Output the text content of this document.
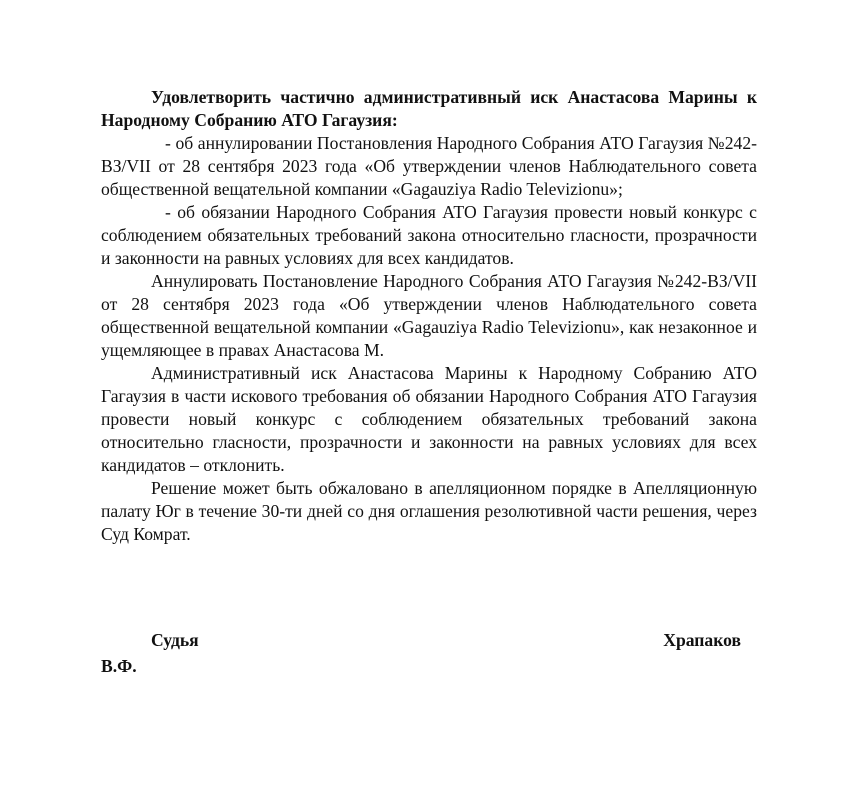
Удовлетворить частично административный иск Анастасова Марины к Народному Собранию АТО Гагаузия:

- об аннулировании Постановления Народного Собрания АТО Гагаузия №242-ВЗ/VII от 28 сентября 2023 года «Об утверждении членов Наблюдательного совета общественной вещательной компании «Gagauziya Radio Televizionu»;

- об обязании Народного Собрания АТО Гагаузия провести новый конкурс с соблюдением обязательных требований закона относительно гласности, прозрачности и законности на равных условиях для всех кандидатов.

Аннулировать Постановление Народного Собрания АТО Гагаузия №242-ВЗ/VII от 28 сентября 2023 года «Об утверждении членов Наблюдательного совета общественной вещательной компании «Gagauziya Radio Televizionu», как незаконное и ущемляющее в правах Анастасова М.

Административный иск Анастасова Марины к Народному Собранию АТО Гагаузия в части искового требования об обязании Народного Собрания АТО Гагаузия провести новый конкурс с соблюдением обязательных требований закона относительно гласности, прозрачности и законности на равных условиях для всех кандидатов – отклонить.

Решение может быть обжаловано в апелляционном порядке в Апелляционную палату Юг в течение 30-ти дней со дня оглашения резолютивной части решения, через Суд Комрат.

Судья	Храпаков
В.Ф.
